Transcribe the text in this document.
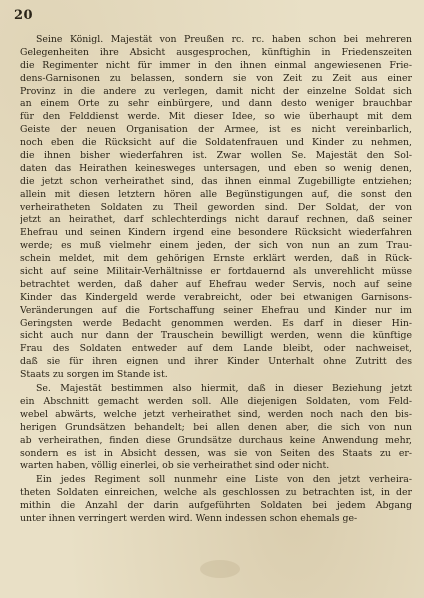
20
Seine Königl. Majestät von Preußen rc. rc. haben schon bei mehreren
Gelegenheiten ihre Absicht ausgesprochen, künftighin in Friedenszeiten
die Regimenter nicht für immer in den ihnen einmal angewiesenen Frie-
dens-Garnisonen zu belassen, sondern sie von Zeit zu Zeit aus einer
Provinz in die andere zu verlegen, damit nicht der einzelne Soldat sich
an einem Orte zu sehr einbürgere, und dann desto weniger brauchbar
für den Felddienst werde. Mit dieser Idee, so wie überhaupt mit dem
Geiste der neuen Organisation der Armee, ist es nicht vereinbarlich,
noch eben die Rücksicht auf die Soldatenfrauen und Kinder zu nehmen,
die ihnen bisher wiederfahren ist. Zwar wollen Se. Majestät den Sol-
daten das Heirathen keinesweges untersagen, und eben so wenig denen,
die jetzt schon verheirathet sind, das ihnen einmal Zugebilligte entziehen;
allein mit diesen letztern hören alle Begünstigungen auf, die sonst den
verheiratheten Soldaten zu Theil geworden sind. Der Soldat, der von
jetzt an heirathet, darf schlechterdings nicht darauf rechnen, daß seiner
Ehefrau und seinen Kindern irgend eine besondere Rücksicht wiederfahren
werde; es muß vielmehr einem jeden, der sich von nun an zum Trau-
schein meldet, mit dem gehörigen Ernste erklärt werden, daß in Rück-
sicht auf seine Militair-Verhältnisse er fortdauernd als unverehlicht müsse
betrachtet werden, daß daher auf Ehefrau weder Servis, noch auf seine
Kinder das Kindergeld werde verabreicht, oder bei etwanigen Garnisons-
Veränderungen auf die Fortschaffung seiner Ehefrau und Kinder nur im
Geringsten werde Bedacht genommen werden. Es darf in dieser Hin-
sicht auch nur dann der Trauschein bewilligt werden, wenn die künftige
Frau des Soldaten entweder auf dem Lande bleibt, oder nachweiset,
daß sie für ihren eignen und ihrer Kinder Unterhalt ohne Zutritt des
Staats zu sorgen im Stande ist.
Se. Majestät bestimmen also hiermit, daß in dieser Beziehung jetzt
ein Abschnitt gemacht werden soll. Alle diejenigen Soldaten, vom Feld-
webel abwärts, welche jetzt verheirathet sind, werden noch nach den bis-
herigen Grundsätzen behandelt; bei allen denen aber, die sich von nun
ab verheirathen, finden diese Grundsätze durchaus keine Anwendung mehr,
sondern es ist in Absicht dessen, was sie von Seiten des Staats zu er-
warten haben, völlig einerlei, ob sie verheirathet sind oder nicht.
Ein jedes Regiment soll nunmehr eine Liste von den jetzt verheira-
theten Soldaten einreichen, welche als geschlossen zu betrachten ist, in der
mithin die Anzahl der darin aufgeführten Soldaten bei jedem Abgang
unter ihnen verringert werden wird. Wenn indessen schon ehemals ge-
